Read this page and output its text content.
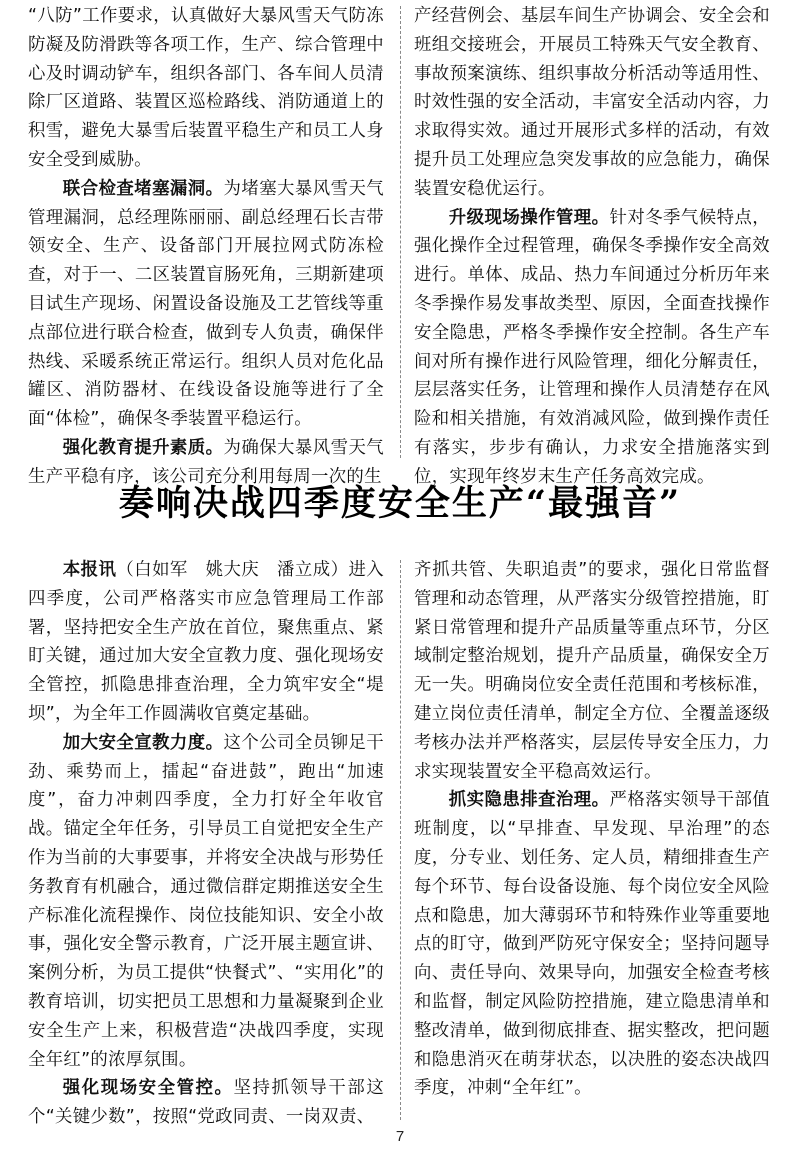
“八防”工作要求，认真做好大暴风雪天气防冻防凝及防滑跌等各项工作，生产、综合管理中心及时调动铲车，组织各部门、各车间人员清除厂区道路、装置区巡检路线、消防通道上的积雪，避免大暴雪后装置平稳生产和员工人身安全受到威胁。

联合检查堵塞漏洞。为堵塞大暴风雪天气管理漏洞，总经理陈丽丽、副总经理石长吉带领安全、生产、设备部门开展拉网式防冻检查，对于一、二区装置盲肠死角，三期新建项目试生产现场、闲置设备设施及工艺管线等重点部位进行联合检查，做到专人负责，确保伴热线、采暖系统正常运行。组织人员对危化品罐区、消防器材、在线设备设施等进行了全面“体检”，确保冬季装置平稳运行。

强化教育提升素质。为确保大暴风雪天气生产平稳有序，该公司充分利用每周一次的生

产经营例会、基层车间生产协调会、安全会和班组交接班会，开展员工特殊天气安全教育、事故预案演练、组织事故分析活动等适用性、时效性强的安全活动，丰富安全活动内容，力求取得实效。通过开展形式多样的活动，有效提升员工处理应急突发事故的应急能力，确保装置安稳优运行。

升级现场操作管理。针对冬季气候特点，强化操作全过程管理，确保冬季操作安全高效进行。单体、成品、热力车间通过分析历年来冬季操作易发事故类型、原因，全面查找操作安全隐患，严格冬季操作安全控制。各生产车间对所有操作进行风险管理，细化分解责任，层层落实任务，让管理和操作人员清楚存在风险和相关措施，有效消减风险，做到操作责任有落实，步步有确认，力求安全措施落实到位，实现年终岁末生产任务高效完成。

奏响决战四季度安全生产“最强音”

本报讯（白如军　姚大庆　潘立成）进入四季度，公司严格落实市应急管理局工作部署，坚持把安全生产放在首位，聚焦重点、紧盯关键，通过加大安全宣教力度、强化现场安全管控，抓隐患排查治理，全力筑牢安全“堤坝”，为全年工作圆满收官奠定基础。

加大安全宣教力度。这个公司全员铆足干劲、乘势而上，擂起“奋进鼓”，跑出“加速度”，奋力冲刺四季度，全力打好全年收官战。锚定全年任务，引导员工自觉把安全生产作为当前的大事要事，并将安全决战与形势任务教育有机融合，通过微信群定期推送安全生产标准化流程操作、岗位技能知识、安全小故事，强化安全警示教育，广泛开展主题宣讲、案例分析，为员工提供“快餐式”、“实用化”的教育培训，切实把员工思想和力量凝聚到企业安全生产上来，积极营造“决战四季度，实现全年红”的浓厚氛围。

强化现场安全管控。坚持抓领导干部这个“关键少数”，按照“党政同责、一岗双责、

齐抓共管、失职追责”的要求，强化日常监督管理和动态管理，从严落实分级管控措施，盯紧日常管理和提升产品质量等重点环节，分区域制定整治规划，提升产品质量，确保安全万无一失。明确岗位安全责任范围和考核标准，建立岗位责任清单，制定全方位、全覆盖逐级考核办法并严格落实，层层传导安全压力，力求实现装置安全平稳高效运行。

抓实隐患排查治理。严格落实领导干部值班制度，以“早排查、早发现、早治理”的态度，分专业、划任务、定人员，精细排查生产每个环节、每台设备设施、每个岗位安全风险点和隐患，加大薄弱环节和特殊作业等重要地点的盯守，做到严防死守保安全；坚持问题导向、责任导向、效果导向，加强安全检查考核和监督，制定风险防控措施，建立隐患清单和整改清单，做到彻底排查、据实整改，把问题和隐患消灭在萌芽状态，以决胜的姿态决战四季度，冲刺“全年红”。

7
